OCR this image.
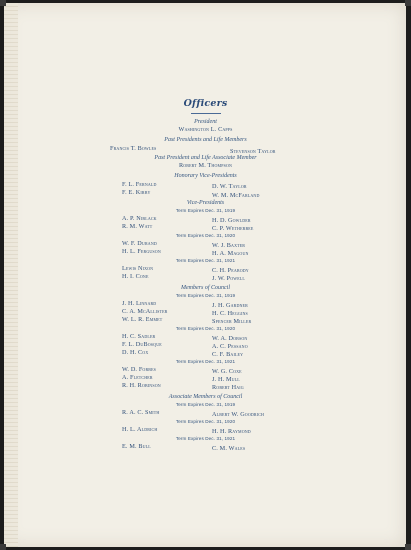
Officers
President
Washington L. Capps
Past Presidents and Life Members
Francis T. Bowles	Stevenson Taylor
Past President and Life Associate Member
Robert M. Thompson
Honorary Vice-Presidents
F. L. Fernald	D. W. Taylor
F. E. Kirby	W. M. McFarland
Vice-Presidents
Term Expires Dec. 31, 1919
A. P. Niblack	H. D. Gowlder
R. M. Watt	C. P. Wetherbee
Term Expires Dec. 31, 1920
W. F. Durand	W. J. Baxter
H. L. Ferguson	H. A. Magoun
Term Expires Dec. 31, 1921
Lewis Nixon	C. H. Peabody
H. I. Cone	J. W. Powell
Members of Council
Term Expires Dec. 31, 1919
J. H. Linnard	J. H. Gardner
C. A. McAllister	H. C. Heggins
W. L. R. Emmet	Spencer Miller
Term Expires Dec. 31, 1920
H. C. Sadler	W. A. Dobson
F. L. DuBosque	A. C. Pessano
D. H. Cox	C. F. Bailey
Term Expires Dec. 31, 1921
W. D. Forbes	W. G. Coxe
A. Fletcher	J. H. Mull
R. H. Robinson	Robert Haig
Associate Members of Council
Term Expires Dec. 31, 1919
R. A. C. Smith	Albert W. Goodrich
Term Expires Dec. 31, 1920
H. L. Aldrich	H. H. Raymond
Term Expires Dec. 31, 1921
E. M. Bull	C. M. Wales
